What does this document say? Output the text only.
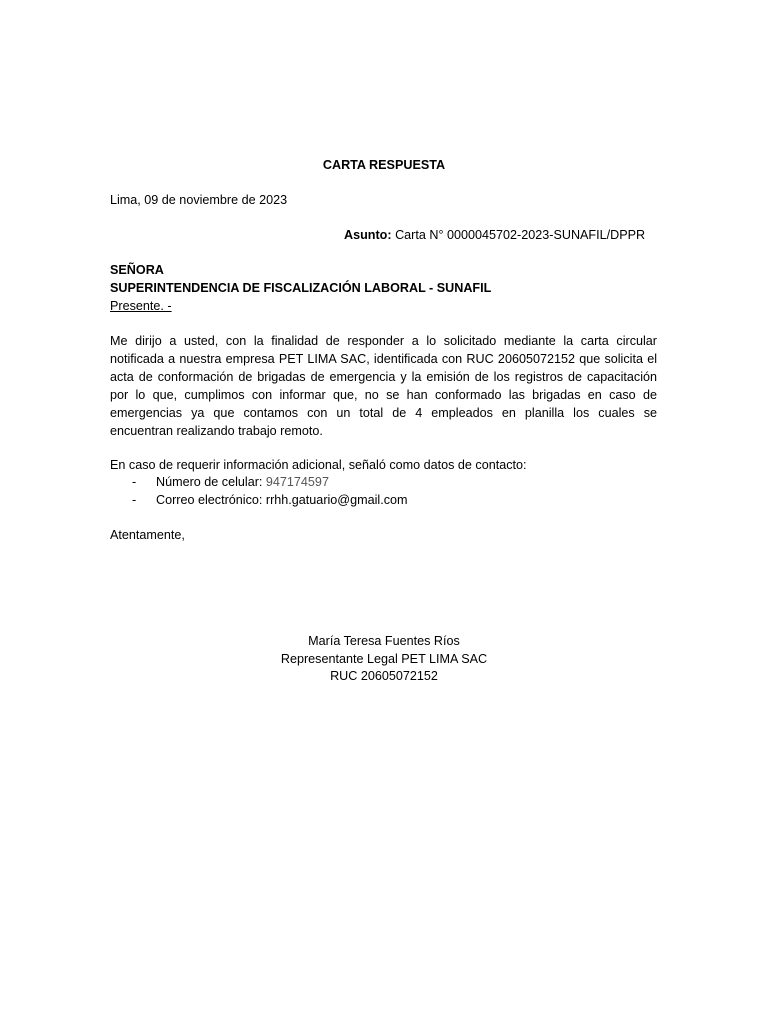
CARTA RESPUESTA
Lima, 09 de noviembre de 2023
Asunto: Carta N° 0000045702-2023-SUNAFIL/DPPR
SEÑORA
SUPERINTENDENCIA DE FISCALIZACIÓN LABORAL - SUNAFIL
Presente. -
Me dirijo a usted, con la finalidad de responder a lo solicitado mediante la carta circular
notificada a nuestra empresa PET LIMA SAC, identificada con RUC 20605072152 que solicita el
acta de conformación de brigadas de emergencia y la emisión de los registros de capacitación
por lo que, cumplimos con informar que, no se han conformado las brigadas en caso de
emergencias ya que contamos con un total de 4 empleados en planilla los cuales se
encuentran realizando trabajo remoto.
En caso de requerir información adicional, señaló como datos de contacto:
- Número de celular: 947174597
- Correo electrónico: rrhh.gatuario@gmail.com
Atentamente,
María Teresa Fuentes Ríos
Representante Legal PET LIMA SAC
RUC 20605072152
